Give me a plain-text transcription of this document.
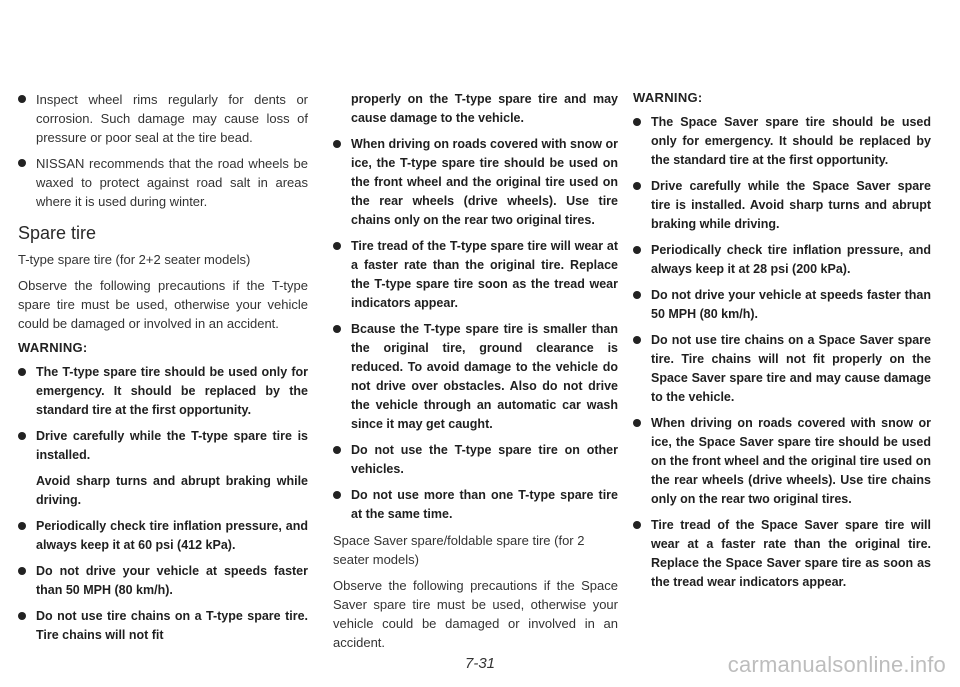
Inspect wheel rims regularly for dents or corrosion. Such damage may cause loss of pressure or poor seal at the tire bead.
NISSAN recommends that the road wheels be waxed to protect against road salt in areas where it is used during winter.
Spare tire
T-type spare tire (for 2+2 seater models)
Observe the following precautions if the T-type spare tire must be used, otherwise your vehicle could be damaged or involved in an accident.
WARNING:
The T-type spare tire should be used only for emergency. It should be replaced by the standard tire at the first opportunity.
Drive carefully while the T-type spare tire is installed.
Avoid sharp turns and abrupt braking while driving.
Periodically check tire inflation pressure, and always keep it at 60 psi (412 kPa).
Do not drive your vehicle at speeds faster than 50 MPH (80 km/h).
Do not use tire chains on a T-type spare tire. Tire chains will not fit
properly on the T-type spare tire and may cause damage to the vehicle.
When driving on roads covered with snow or ice, the T-type spare tire should be used on the front wheel and the original tire used on the rear wheels (drive wheels). Use tire chains only on the rear two original tires.
Tire tread of the T-type spare tire will wear at a faster rate than the original tire. Replace the T-type spare tire soon as the tread wear indicators appear.
Bcause the T-type spare tire is smaller than the original tire, ground clearance is reduced. To avoid damage to the vehicle do not drive over obstacles. Also do not drive the vehicle through an automatic car wash since it may get caught.
Do not use the T-type spare tire on other vehicles.
Do not use more than one T-type spare tire at the same time.
Space Saver spare/foldable spare tire (for 2 seater models)
Observe the following precautions if the Space Saver spare tire must be used, otherwise your vehicle could be damaged or involved in an accident.
WARNING:
The Space Saver spare tire should be used only for emergency. It should be replaced by the standard tire at the first opportunity.
Drive carefully while the Space Saver spare tire is installed. Avoid sharp turns and abrupt braking while driving.
Periodically check tire inflation pressure, and always keep it at 28 psi (200 kPa).
Do not drive your vehicle at speeds faster than 50 MPH (80 km/h).
Do not use tire chains on a Space Saver spare tire. Tire chains will not fit properly on the Space Saver spare tire and may cause damage to the vehicle.
When driving on roads covered with snow or ice, the Space Saver spare tire should be used on the front wheel and the original tire used on the rear wheels (drive wheels). Use tire chains only on the rear two original tires.
Tire tread of the Space Saver spare tire will wear at a faster rate than the original tire. Replace the Space Saver spare tire as soon as the tread wear indicators appear.
7-31	carmanualsonline.info
